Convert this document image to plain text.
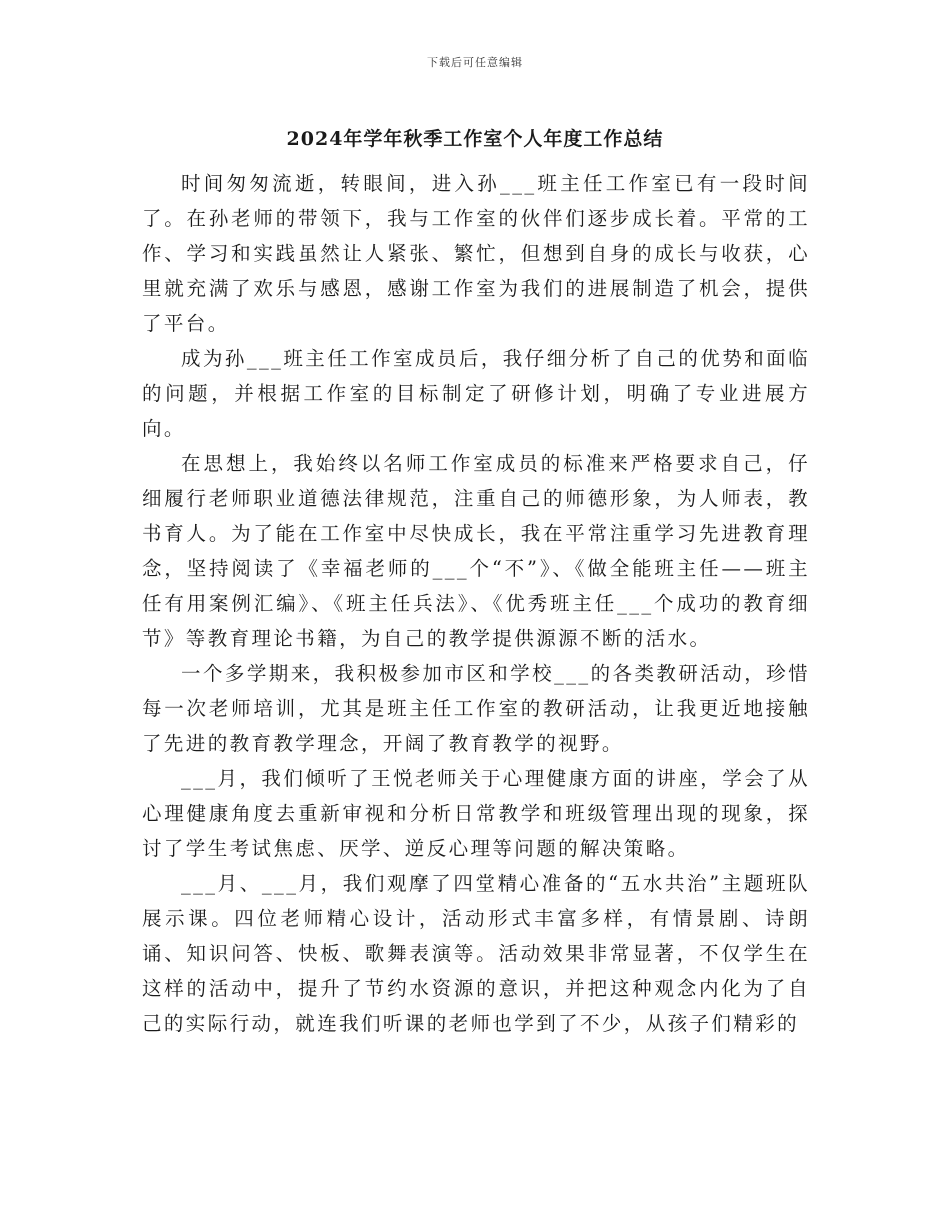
下载后可任意编辑
2024年学年秋季工作室个人年度工作总结

时间匆匆流逝，转眼间，进入孙___班主任工作室已有一段时间了。在孙老师的带领下，我与工作室的伙伴们逐步成长着。平常的工作、学习和实践虽然让人紧张、繁忙，但想到自身的成长与收获，心里就充满了欢乐与感恩，感谢工作室为我们的进展制造了机会，提供了平台。

成为孙___班主任工作室成员后，我仔细分析了自己的优势和面临的问题，并根据工作室的目标制定了研修计划，明确了专业进展方向。

在思想上，我始终以名师工作室成员的标准来严格要求自己，仔细履行老师职业道德法律规范，注重自己的师德形象，为人师表，教书育人。为了能在工作室中尽快成长，我在平常注重学习先进教育理念，坚持阅读了《幸福老师的___个“不”》、《做全能班主任——班主任有用案例汇编》、《班主任兵法》、《优秀班主任___个成功的教育细节》等教育理论书籍，为自己的教学提供源源不断的活水。

一个多学期来，我积极参加市区和学校___的各类教研活动，珍惜每一次老师培训，尤其是班主任工作室的教研活动，让我更近地接触了先进的教育教学理念，开阔了教育教学的视野。

___月，我们倾听了王悦老师关于心理健康方面的讲座，学会了从心理健康角度去重新审视和分析日常教学和班级管理出现的现象，探讨了学生考试焦虑、厌学、逆反心理等问题的解决策略。

___月、___月，我们观摩了四堂精心准备的“五水共治”主题班队展示课。四位老师精心设计，活动形式丰富多样，有情景剧、诗朗诵、知识问答、快板、歌舞表演等。活动效果非常显著，不仅学生在这样的活动中，提升了节约水资源的意识，并把这种观念内化为了自己的实际行动，就连我们听课的老师也学到了不少，从孩子们精彩的
